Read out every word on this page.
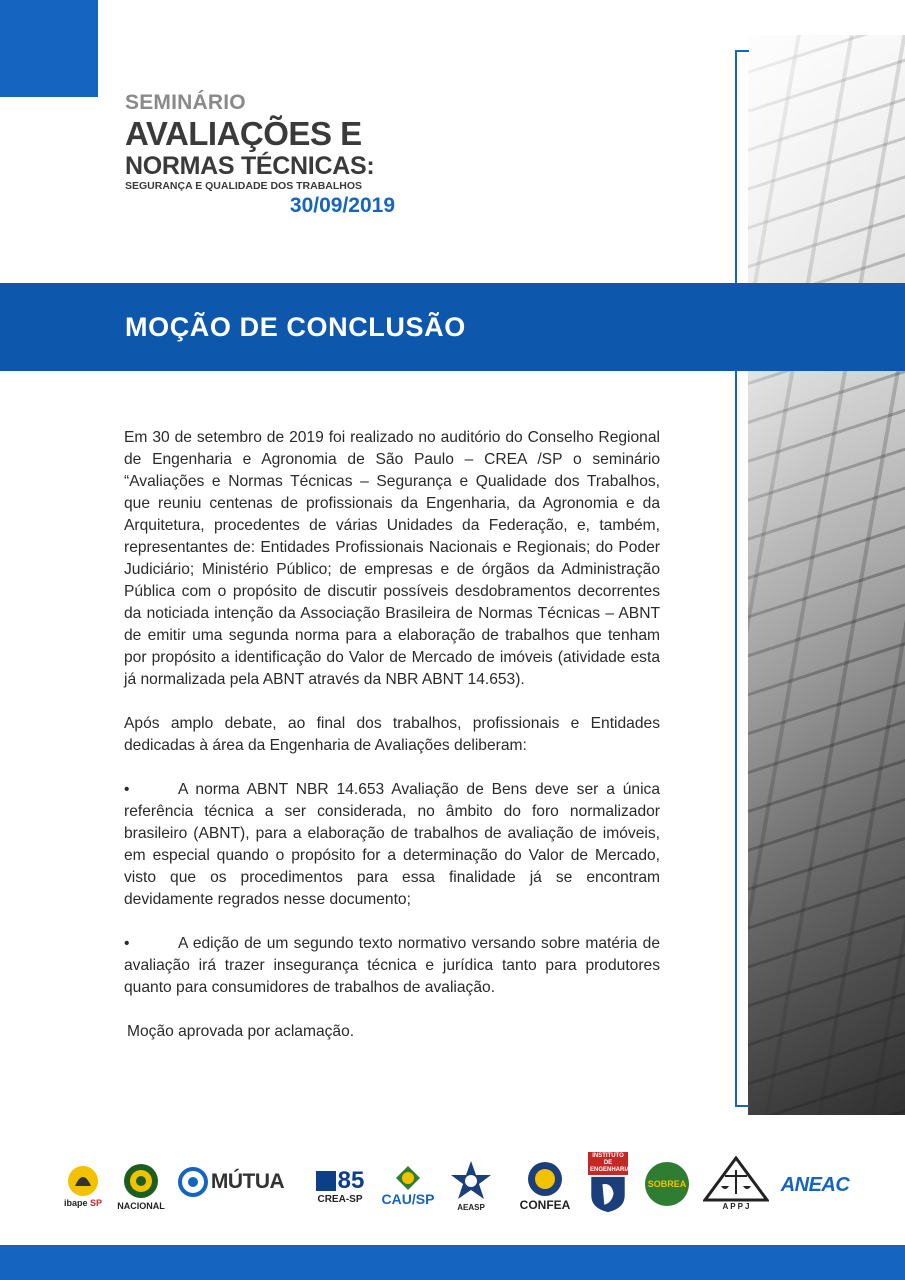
SEMINÁRIO
AVALIAÇÕES E
NORMAS TÉCNICAS:
SEGURANÇA E QUALIDADE DOS TRABALHOS
30/09/2019
MOÇÃO DE CONCLUSÃO

Em 30 de setembro de 2019 foi realizado no auditório do Conselho Regional de Engenharia e Agronomia de São Paulo – CREA /SP o seminário “Avaliações e Normas Técnicas – Segurança e Qualidade dos Trabalhos, que reuniu centenas de profissionais da Engenharia, da Agronomia e da Arquitetura, procedentes de várias Unidades da Federação, e, também, representantes de: Entidades Profissionais Nacionais e Regionais; do Poder Judiciário; Ministério Público; de empresas e de órgãos da Administração Pública com o propósito de discutir possíveis desdobramentos decorrentes da noticiada intenção da Associação Brasileira de Normas Técnicas – ABNT de emitir uma segunda norma para a elaboração de trabalhos que tenham por propósito a identificação do Valor de Mercado de imóveis (atividade esta já normalizada pela ABNT através da NBR ABNT 14.653).

Após amplo debate, ao final dos trabalhos, profissionais e Entidades dedicadas à área da Engenharia de Avaliações deliberam:

•	A norma ABNT NBR 14.653 Avaliação de Bens deve ser a única referência técnica a ser considerada, no âmbito do foro normalizador brasileiro (ABNT), para a elaboração de trabalhos de avaliação de imóveis, em especial quando o propósito for a determinação do Valor de Mercado, visto que os procedimentos para essa finalidade já se encontram devidamente regrados nesse documento;

•	A edição de um segundo texto normativo versando sobre matéria de avaliação irá trazer insegurança técnica e jurídica tanto para produtores quanto para consumidores de trabalhos de avaliação.

Moção aprovada por aclamação.

ibape SP NACIONAL
MÚTUA 85
CREA-SP CAU/SP
AEASP	CONFEA
INSTITUTO DE
ENGENHARIA
SOBREA
A P P J
ANEAC
